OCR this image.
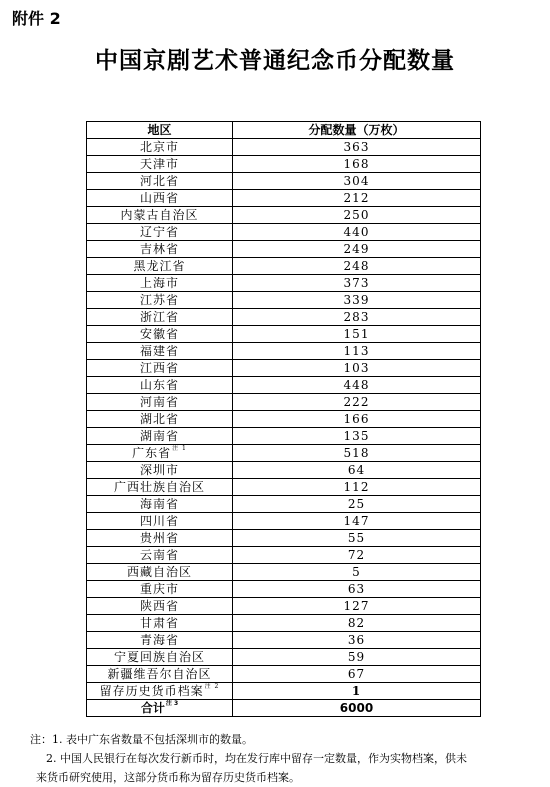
附件 2
中国京剧艺术普通纪念币分配数量
地区	分配数量（万枚）
北京市	363
天津市	168
河北省	304
山西省	212
内蒙古自治区	250
辽宁省	440
吉林省	249
黑龙江省	248
上海市	373
江苏省	339
浙江省	283
安徽省	151
福建省	113
江西省	103
山东省	448
河南省	222
湖北省	166
湖南省	135
广东省$^{注 1}$	518
深圳市	64
广西壮族自治区	112
海南省	25
四川省	147
贵州省	55
云南省	72
西藏自治区	5
重庆市	63
陕西省	127
甘肃省	82
青海省	36
宁夏回族自治区	59
新疆维吾尔自治区	67
留存历史货币档案$^{注 2}$	1
合计$^{注 3}$	6000
注：1. 表中广东省数量不包括深圳市的数量。
2. 中国人民银行在每次发行新币时，均在发行库中留存一定数量，作为实物档案，供未
来货币研究使用，这部分货币称为留存历史货币档案。
